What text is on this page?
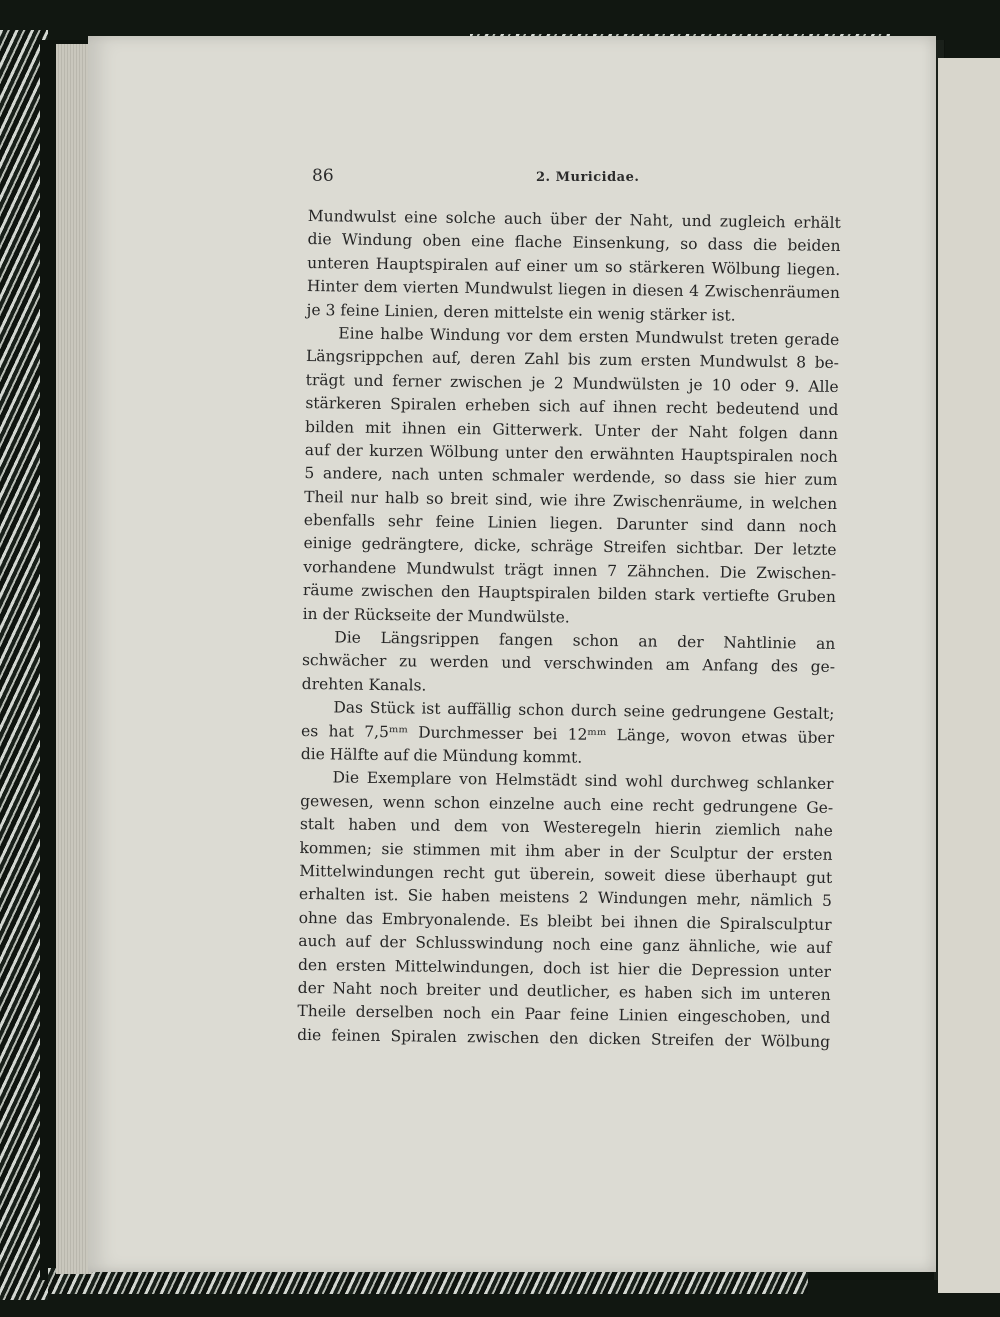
86	2. Muricidae.
Mundwulst eine solche auch über der Naht, und zugleich erhält
die Windung oben eine flache Einsenkung, so dass die beiden
unteren Hauptspiralen auf einer um so stärkeren Wölbung liegen.
Hinter dem vierten Mundwulst liegen in diesen 4 Zwischenräumen
je 3 feine Linien, deren mittelste ein wenig stärker ist.
Eine halbe Windung vor dem ersten Mundwulst treten gerade
Längsrippchen auf, deren Zahl bis zum ersten Mundwulst 8 be-
trägt und ferner zwischen je 2 Mundwülsten je 10 oder 9. Alle
stärkeren Spiralen erheben sich auf ihnen recht bedeutend und
bilden mit ihnen ein Gitterwerk. Unter der Naht folgen dann
auf der kurzen Wölbung unter den erwähnten Hauptspiralen noch
5 andere, nach unten schmaler werdende, so dass sie hier zum
Theil nur halb so breit sind, wie ihre Zwischenräume, in welchen
ebenfalls sehr feine Linien liegen. Darunter sind dann noch
einige gedrängtere, dicke, schräge Streifen sichtbar. Der letzte
vorhandene Mundwulst trägt innen 7 Zähnchen. Die Zwischen-
räume zwischen den Hauptspiralen bilden stark vertiefte Gruben
in der Rückseite der Mundwülste.
Die Längsrippen fangen schon an der Nahtlinie an
schwächer zu werden und verschwinden am Anfang des ge-
drehten Kanals.
Das Stück ist auffällig schon durch seine gedrungene Gestalt;
es hat 7,5ᵐᵐ Durchmesser bei 12ᵐᵐ Länge, wovon etwas über
die Hälfte auf die Mündung kommt.
Die Exemplare von Helmstädt sind wohl durchweg schlanker
gewesen, wenn schon einzelne auch eine recht gedrungene Ge-
stalt haben und dem von Westeregeln hierin ziemlich nahe
kommen; sie stimmen mit ihm aber in der Sculptur der ersten
Mittelwindungen recht gut überein, soweit diese überhaupt gut
erhalten ist. Sie haben meistens 2 Windungen mehr, nämlich 5
ohne das Embryonalende. Es bleibt bei ihnen die Spiralsculptur
auch auf der Schlusswindung noch eine ganz ähnliche, wie auf
den ersten Mittelwindungen, doch ist hier die Depression unter
der Naht noch breiter und deutlicher, es haben sich im unteren
Theile derselben noch ein Paar feine Linien eingeschoben, und
die feinen Spiralen zwischen den dicken Streifen der Wölbung
